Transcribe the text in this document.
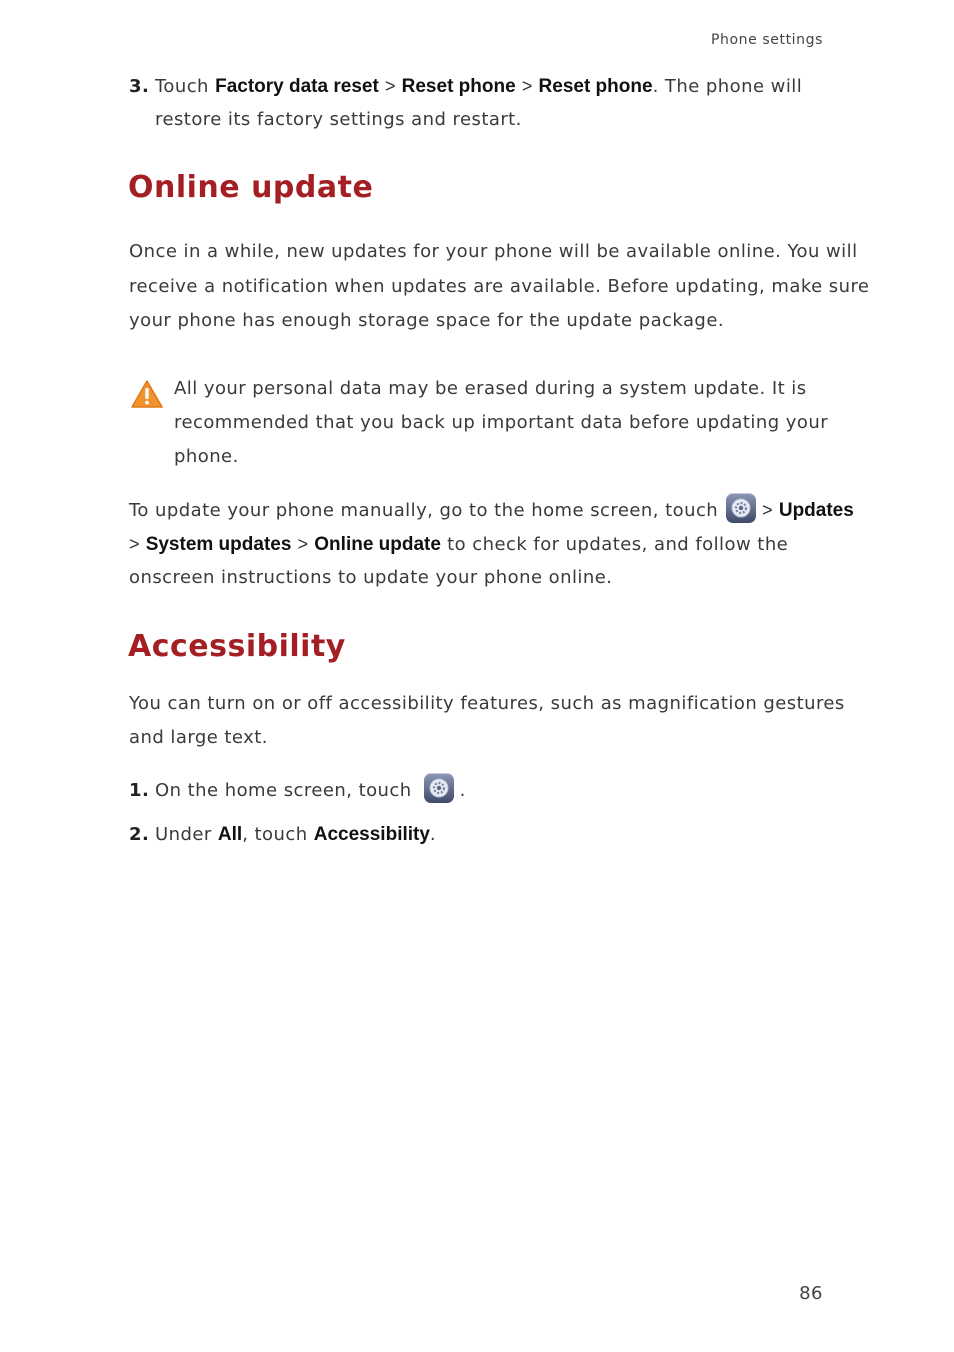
Phone settings
3. Touch Factory data reset > Reset phone > Reset phone. The phone will
restore its factory settings and restart.
Online update
Once in a while, new updates for your phone will be available online. You will
receive a notification when updates are available. Before updating, make sure
your phone has enough storage space for the update package.
All your personal data may be erased during a system update. It is
recommended that you back up important data before updating your
phone.
To update your phone manually, go to the home screen, touch > Updates
> System updates > Online update to check for updates, and follow the
onscreen instructions to update your phone online.
Accessibility
You can turn on or off accessibility features, such as magnification gestures
and large text.
1. On the home screen, touch	.
2. Under All, touch Accessibility.
86
